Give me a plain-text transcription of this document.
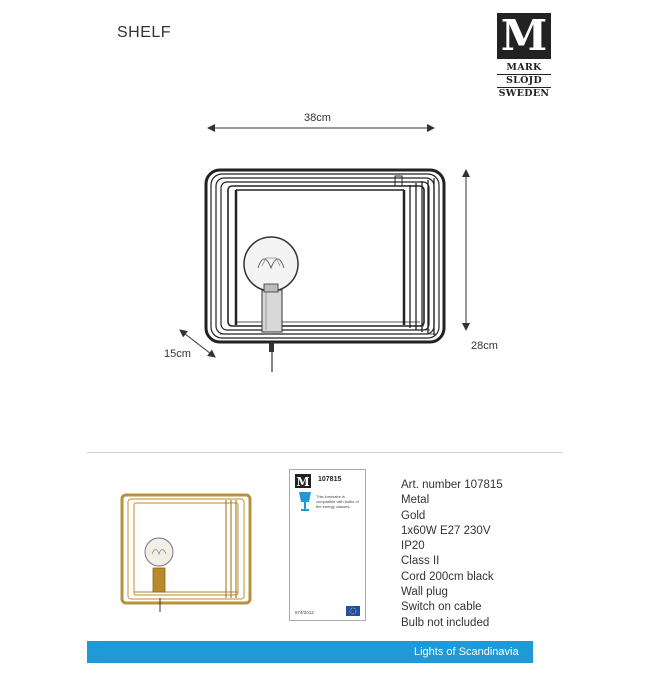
SHELF	M
MARK
SLÖJD
SWEDEN
38cm
28cm
15cm
M 107815
This luminaire is compatible with bulbs of the energy classes:
A++
A+
A
B
C
D
E
874/2012
Art. number 107815
Metal
Gold
1x60W E27 230V
IP20
Class II
Cord 200cm black
Wall plug
Switch on cable
Bulb not included
Lights of Scandinavia
